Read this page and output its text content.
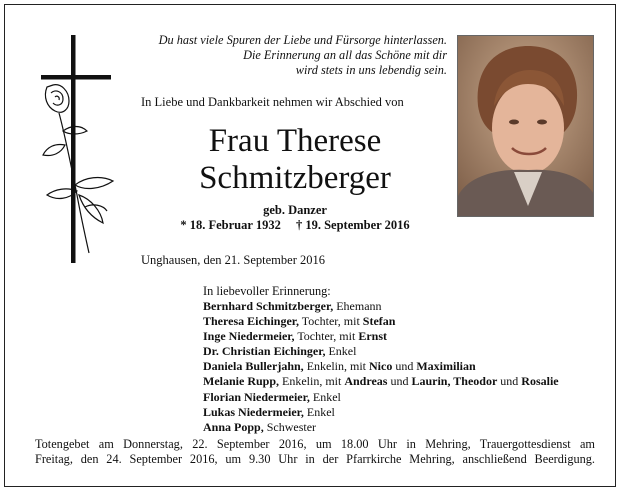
Du hast viele Spuren der Liebe und Fürsorge hinterlassen.
Die Erinnerung an all das Schöne mit dir
wird stets in uns lebendig sein.
In Liebe und Dankbarkeit nehmen wir Abschied von
Frau Therese
Schmitzberger
geb. Danzer
* 18. Februar 1932 † 19. September 2016
Unghausen, den 21. September 2016
In liebevoller Erinnerung:
Bernhard Schmitzberger, Ehemann
Theresa Eichinger, Tochter, mit Stefan
Inge Niedermeier, Tochter, mit Ernst
Dr. Christian Eichinger, Enkel
Daniela Bullerjahn, Enkelin, mit Nico und Maximilian
Melanie Rupp, Enkelin, mit Andreas und Laurin, Theodor und Rosalie
Florian Niedermeier, Enkel
Lukas Niedermeier, Enkel
Anna Popp, Schwester
Totengebet am Donnerstag, 22. September 2016, um 18.00 Uhr in Mehring, Trauergottesdienst am
Freitag, den 24. September 2016, um 9.30 Uhr in der Pfarrkirche Mehring, anschließend Beerdigung.
